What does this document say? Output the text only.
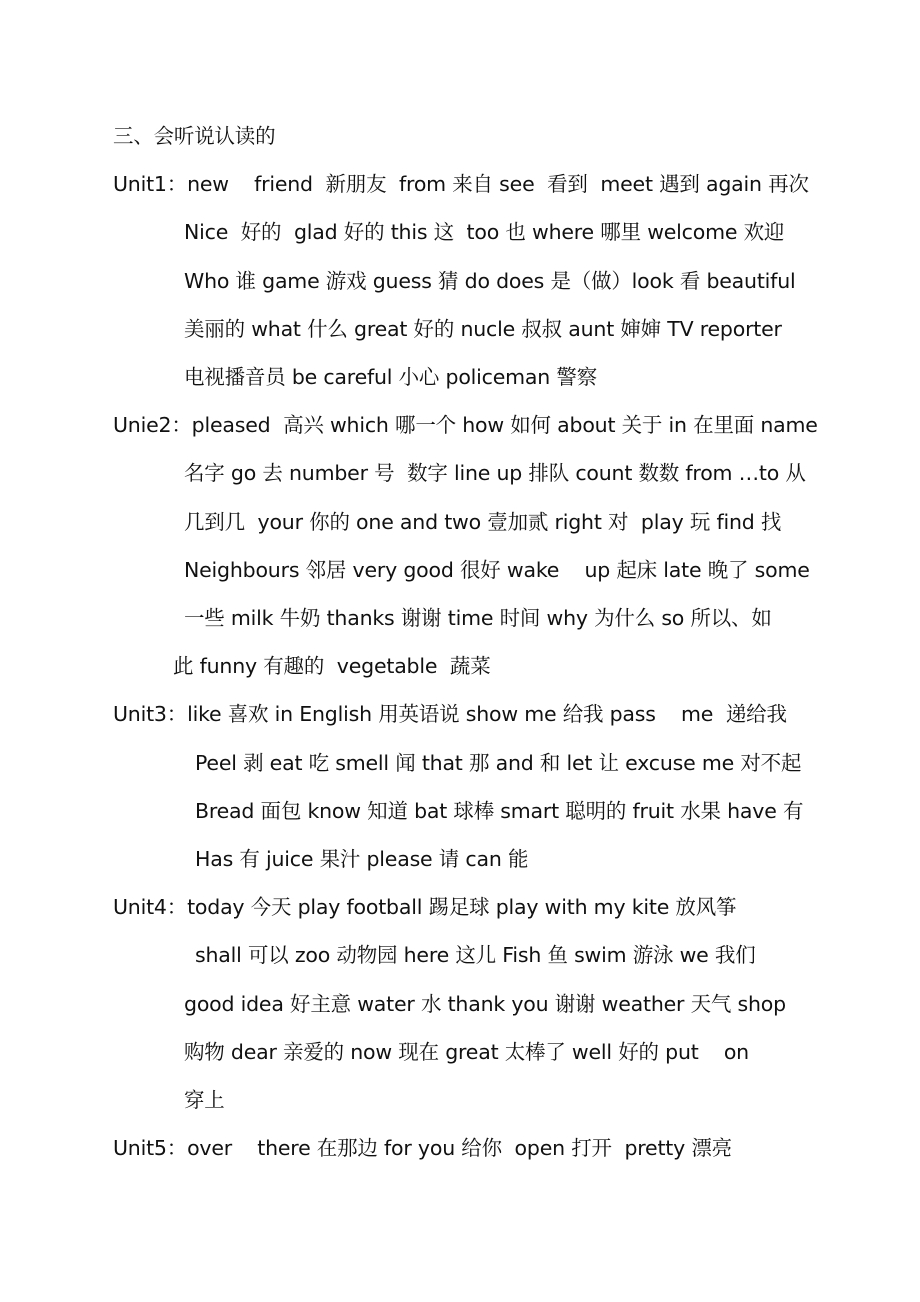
三、会听说认读的
Unit1：new    friend  新朋友  from 来自 see  看到  meet 遇到 again 再次
Nice  好的  glad 好的 this 这  too 也 where 哪里 welcome 欢迎
Who 谁 game 游戏 guess 猜 do does 是（做）look 看 beautiful
美丽的 what 什么 great 好的 nucle 叔叔 aunt 婶婶 TV reporter
电视播音员 be careful 小心 policeman 警察
Unie2：pleased  高兴 which 哪一个 how 如何 about 关于 in 在里面 name
名字 go 去 number 号  数字 line up 排队 count 数数 from …to 从
几到几  your 你的 one and two 壹加贰 right 对  play 玩 find 找
Neighbours 邻居 very good 很好 wake    up 起床 late 晚了 some
一些 milk 牛奶 thanks 谢谢 time 时间 why 为什么 so 所以、如
此 funny 有趣的  vegetable  蔬菜
Unit3：like 喜欢 in English 用英语说 show me 给我 pass    me  递给我
Peel 剥 eat 吃 smell 闻 that 那 and 和 let 让 excuse me 对不起
Bread 面包 know 知道 bat 球棒 smart 聪明的 fruit 水果 have 有
Has 有 juice 果汁 please 请 can 能
Unit4：today 今天 play football 踢足球 play with my kite 放风筝
shall 可以 zoo 动物园 here 这儿 Fish 鱼 swim 游泳 we 我们
good idea 好主意 water 水 thank you 谢谢 weather 天气 shop
购物 dear 亲爱的 now 现在 great 太棒了 well 好的 put    on
穿上
Unit5：over    there 在那边 for you 给你  open 打开  pretty 漂亮
